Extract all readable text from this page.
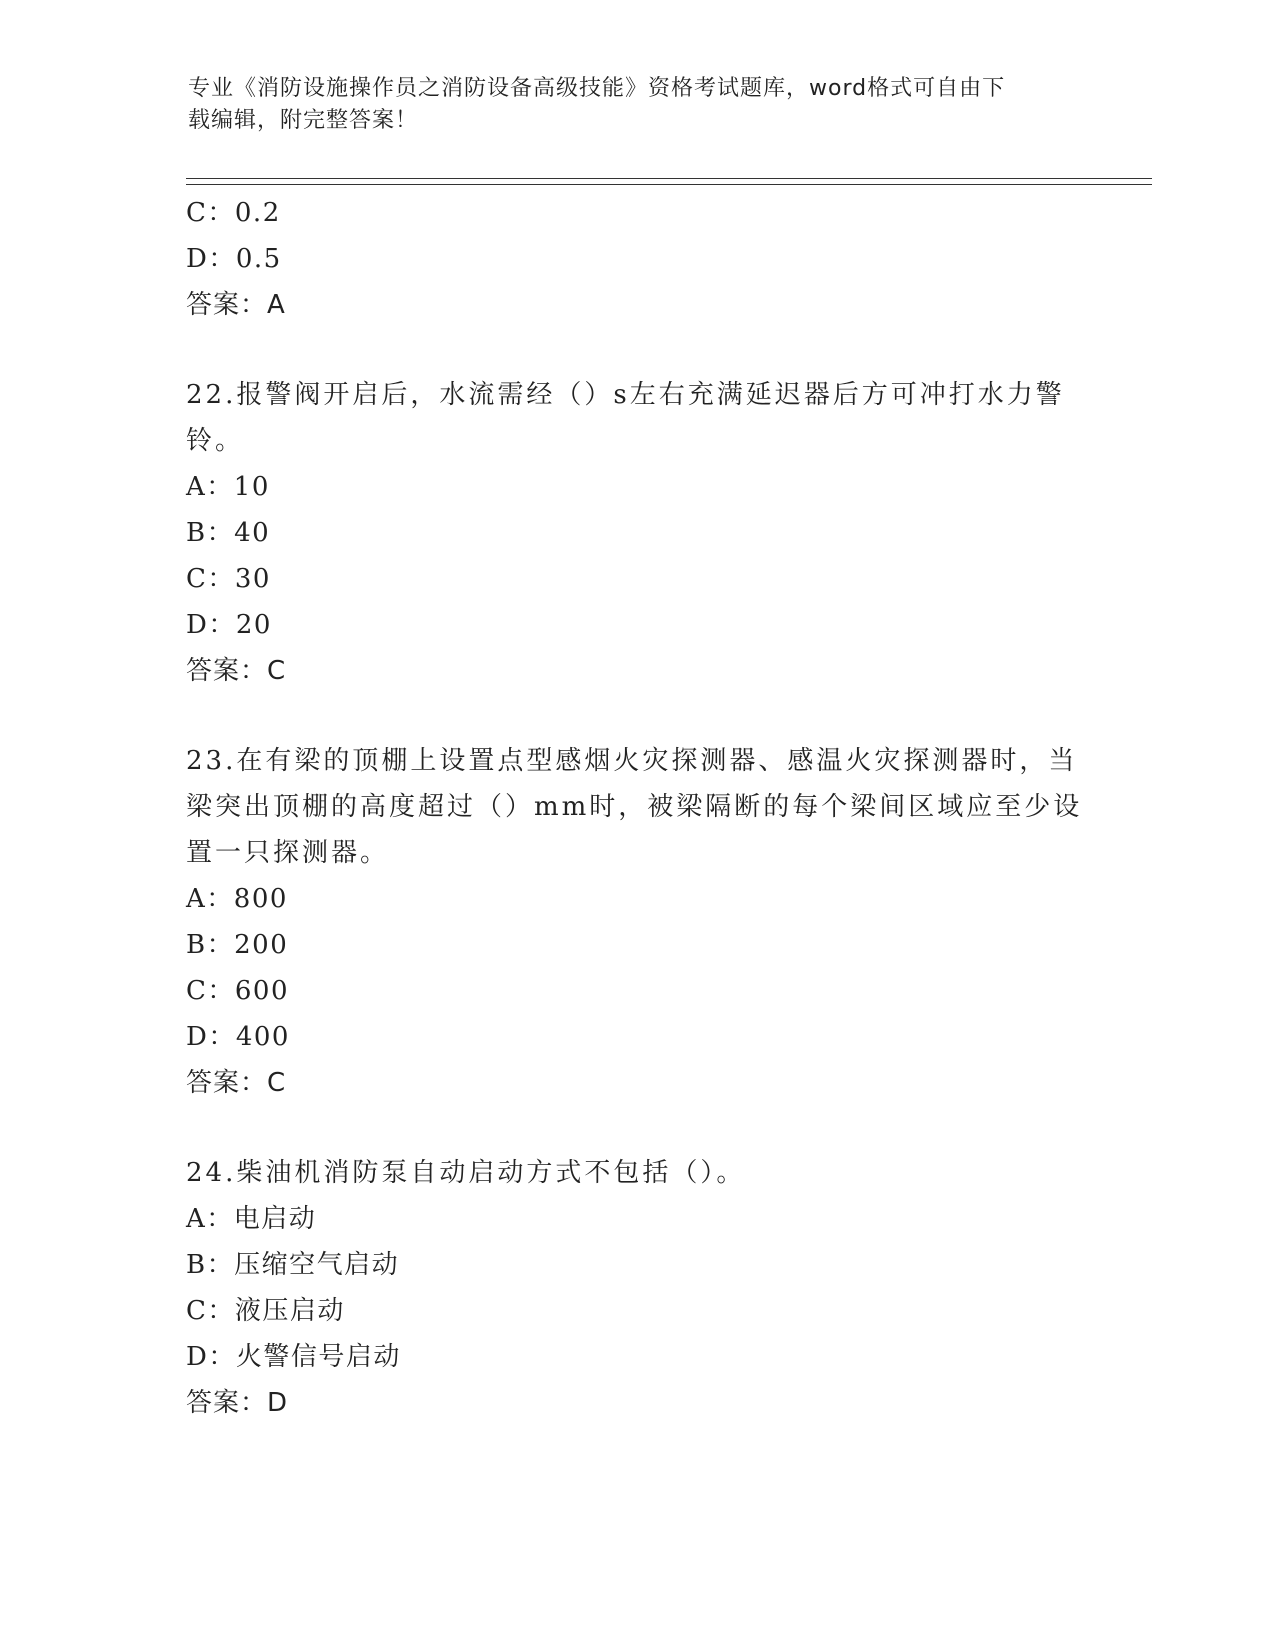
专业《消防设施操作员之消防设备高级技能》资格考试题库，word格式可自由下
载编辑，附完整答案！
C：0.2
D：0.5
答案：A
22.报警阀开启后，水流需经（）s左右充满延迟器后方可冲打水力警
铃。
A：10
B：40
C：30
D：20
答案：C
23.在有梁的顶棚上设置点型感烟火灾探测器、感温火灾探测器时，当
梁突出顶棚的高度超过（）mm时，被梁隔断的每个梁间区域应至少设
置一只探测器。
A：800
B：200
C：600
D：400
答案：C
24.柴油机消防泵自动启动方式不包括（）。
A：电启动
B：压缩空气启动
C：液压启动
D：火警信号启动
答案：D
